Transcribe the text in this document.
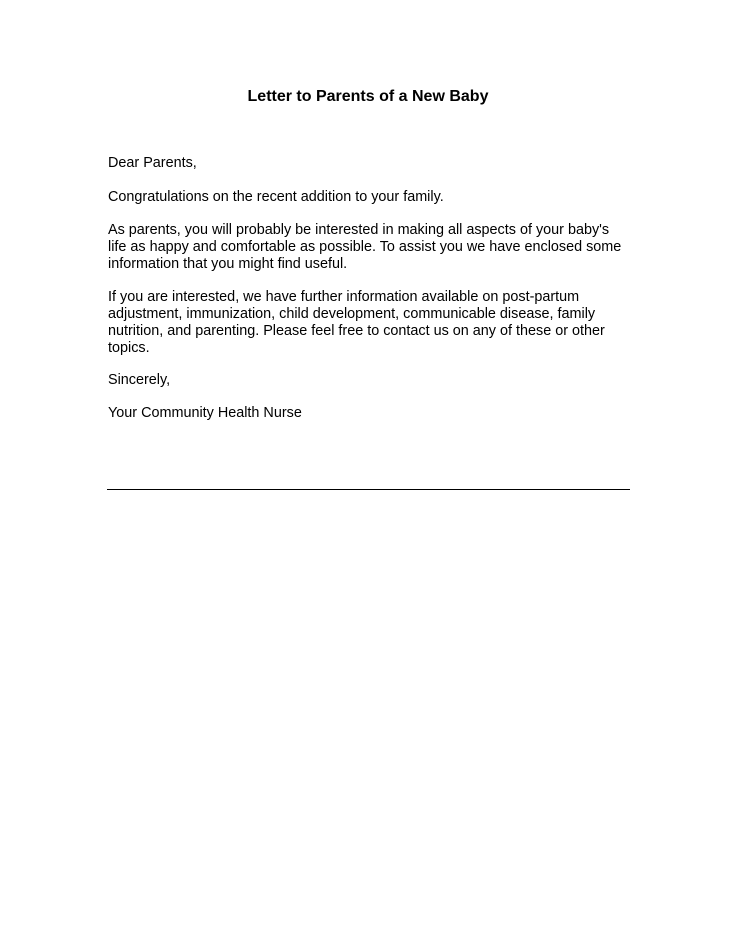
Letter to Parents of a New Baby
Dear Parents,
Congratulations on the recent addition to your family.
As parents, you will probably be interested in making all aspects of your baby's
life as happy and comfortable as possible. To assist you we have enclosed some
information that you might find useful.
If you are interested, we have further information available on post-partum
adjustment, immunization, child development, communicable disease, family
nutrition, and parenting. Please feel free to contact us on any of these or other
topics.
Sincerely,
Your Community Health Nurse
